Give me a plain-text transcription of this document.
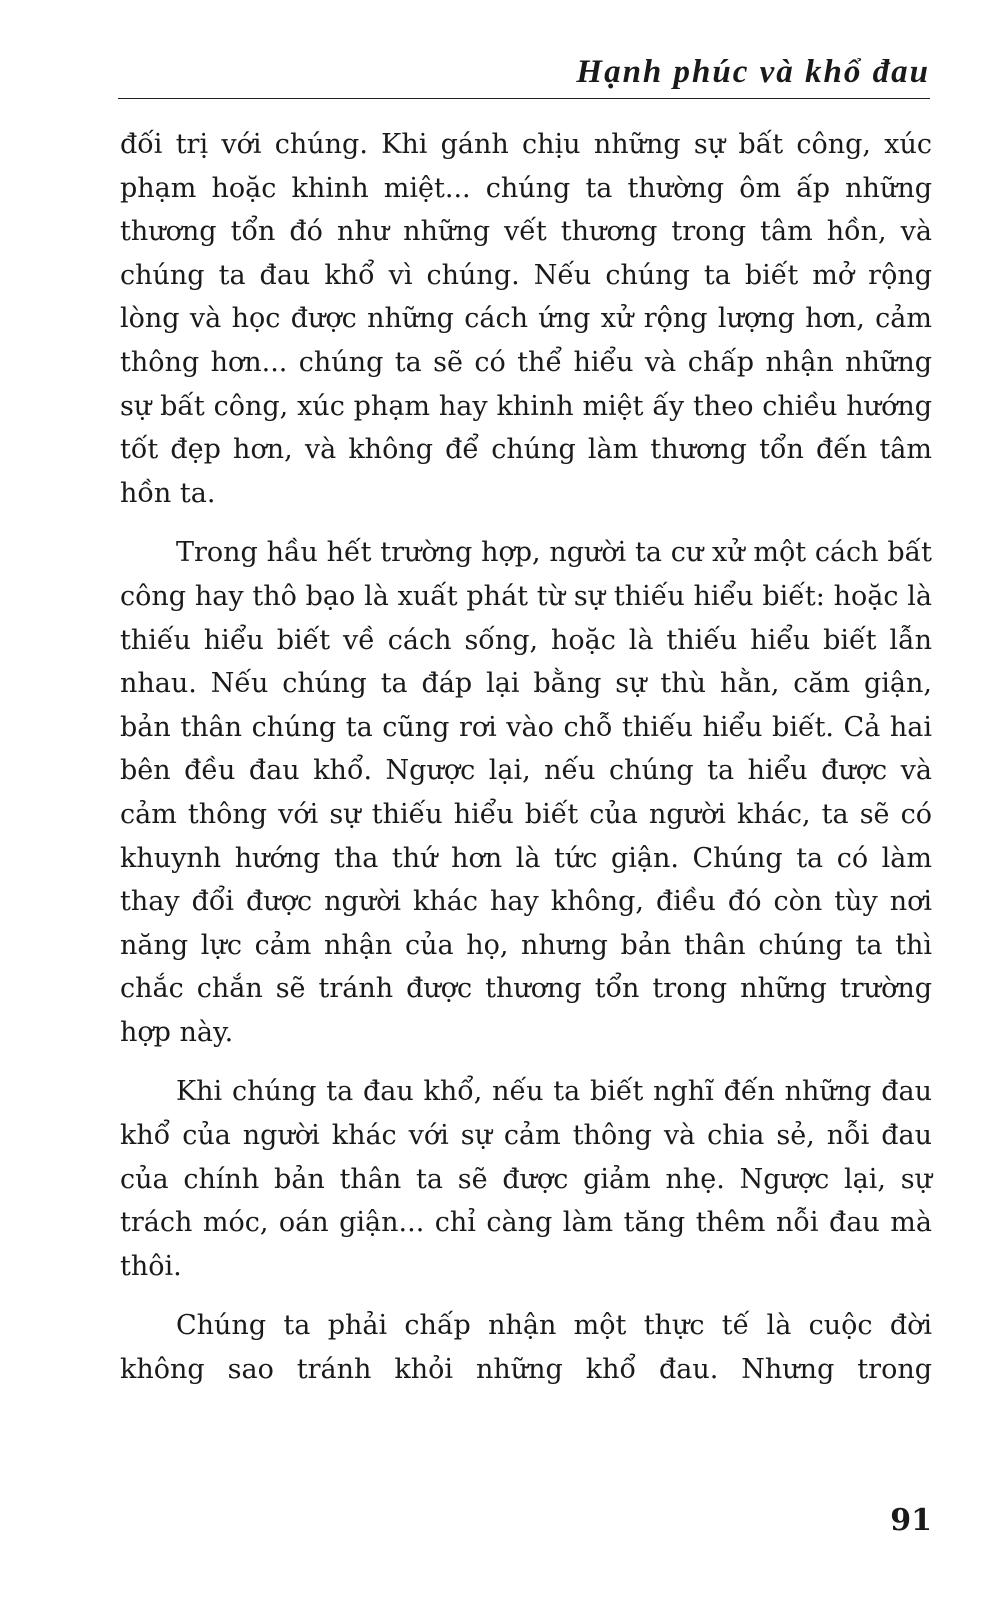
Hạnh phúc và khổ đau

đối trị với chúng. Khi gánh chịu những sự bất công, xúc phạm hoặc khinh miệt... chúng ta thường ôm ấp những thương tổn đó như những vết thương trong tâm hồn, và chúng ta đau khổ vì chúng. Nếu chúng ta biết mở rộng lòng và học được những cách ứng xử rộng lượng hơn, cảm thông hơn... chúng ta sẽ có thể hiểu và chấp nhận những sự bất công, xúc phạm hay khinh miệt ấy theo chiều hướng tốt đẹp hơn, và không để chúng làm thương tổn đến tâm hồn ta.

Trong hầu hết trường hợp, người ta cư xử một cách bất công hay thô bạo là xuất phát từ sự thiếu hiểu biết: hoặc là thiếu hiểu biết về cách sống, hoặc là thiếu hiểu biết lẫn nhau. Nếu chúng ta đáp lại bằng sự thù hằn, căm giận, bản thân chúng ta cũng rơi vào chỗ thiếu hiểu biết. Cả hai bên đều đau khổ. Ngược lại, nếu chúng ta hiểu được và cảm thông với sự thiếu hiểu biết của người khác, ta sẽ có khuynh hướng tha thứ hơn là tức giận. Chúng ta có làm thay đổi được người khác hay không, điều đó còn tùy nơi năng lực cảm nhận của họ, nhưng bản thân chúng ta thì chắc chắn sẽ tránh được thương tổn trong những trường hợp này.

Khi chúng ta đau khổ, nếu ta biết nghĩ đến những đau khổ của người khác với sự cảm thông và chia sẻ, nỗi đau của chính bản thân ta sẽ được giảm nhẹ. Ngược lại, sự trách móc, oán giận... chỉ càng làm tăng thêm nỗi đau mà thôi.

Chúng ta phải chấp nhận một thực tế là cuộc đời không sao tránh khỏi những khổ đau. Nhưng trong

91
